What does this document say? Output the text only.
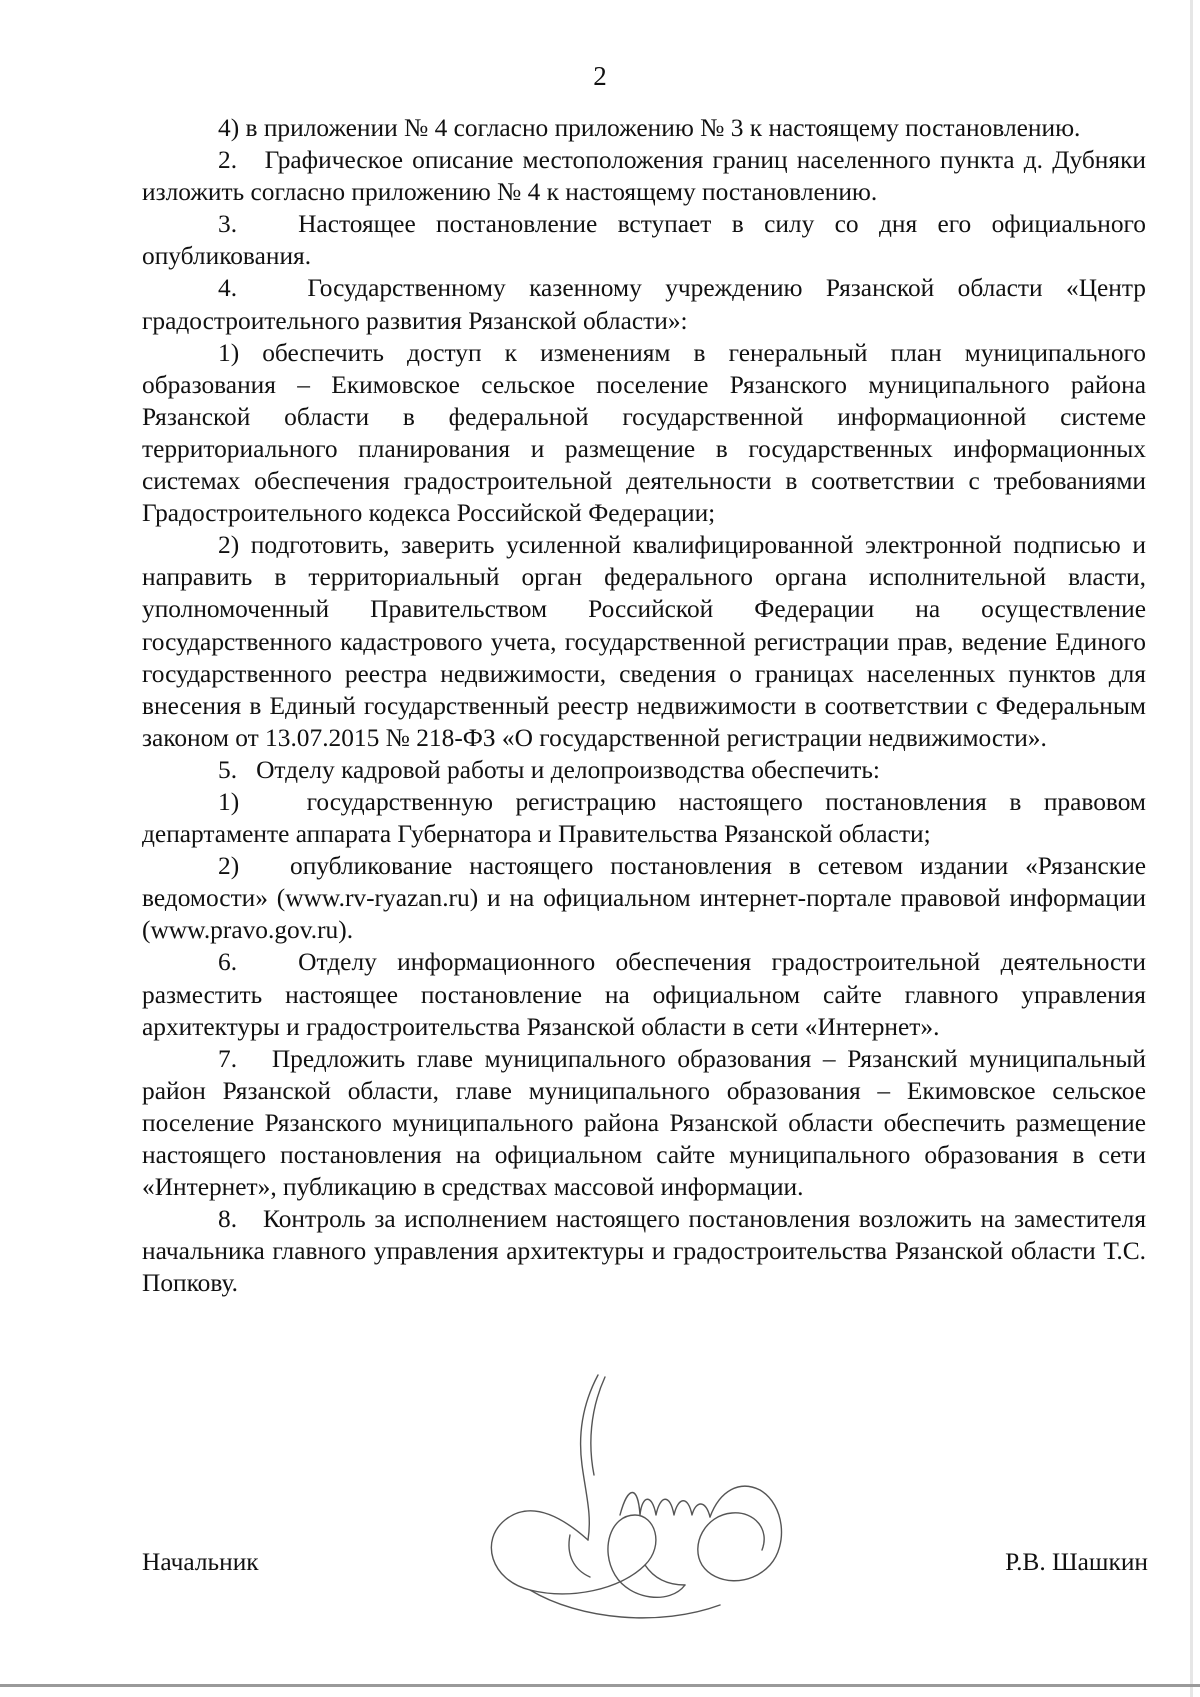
2

4) в приложении № 4 согласно приложению № 3 к настоящему постановлению.

2.   Графическое описание местоположения границ населенного пункта д. Дубняки изложить согласно приложению № 4 к настоящему постановлению.

3.   Настоящее постановление вступает в силу со дня его официального опубликования.

4.   Государственному казенному учреждению Рязанской области «Центр градостроительного развития Рязанской области»:

1) обеспечить доступ к изменениям в генеральный план муниципального образования – Екимовское сельское поселение Рязанского муниципального района Рязанской области в федеральной государственной информационной системе территориального планирования и размещение в государственных информационных системах обеспечения градостроительной деятельности в соответствии с требованиями Градостроительного кодекса Российской Федерации;

2) подготовить, заверить усиленной квалифицированной электронной подписью и направить в территориальный орган федерального органа исполнительной власти, уполномоченный Правительством Российской Федерации на осуществление государственного кадастрового учета, государственной регистрации прав, ведение Единого государственного реестра недвижимости, сведения о границах населенных пунктов для внесения в Единый государственный реестр недвижимости в соответствии с Федеральным законом от 13.07.2015 № 218-ФЗ «О государственной регистрации недвижимости».

5.   Отделу кадровой работы и делопроизводства обеспечить:

1)   государственную регистрацию настоящего постановления в правовом департаменте аппарата Губернатора и Правительства Рязанской области;

2)   опубликование настоящего постановления в сетевом издании «Рязанские ведомости» (www.rv-ryazan.ru) и на официальном интернет-портале правовой информации (www.pravo.gov.ru).

6.   Отделу информационного обеспечения градостроительной деятельности разместить настоящее постановление на официальном сайте главного управления архитектуры и градостроительства Рязанской области в сети «Интернет».

7.   Предложить главе муниципального образования – Рязанский муниципальный район Рязанской области, главе муниципального образования – Екимовское сельское поселение Рязанского муниципального района Рязанской области обеспечить размещение настоящего постановления на официальном сайте муниципального образования в сети «Интернет», публикацию в средствах массовой информации.

8.   Контроль за исполнением настоящего постановления возложить на заместителя начальника главного управления архитектуры и градостроительства Рязанской области Т.С. Попкову.

Начальник	Р.В. Шашкин
